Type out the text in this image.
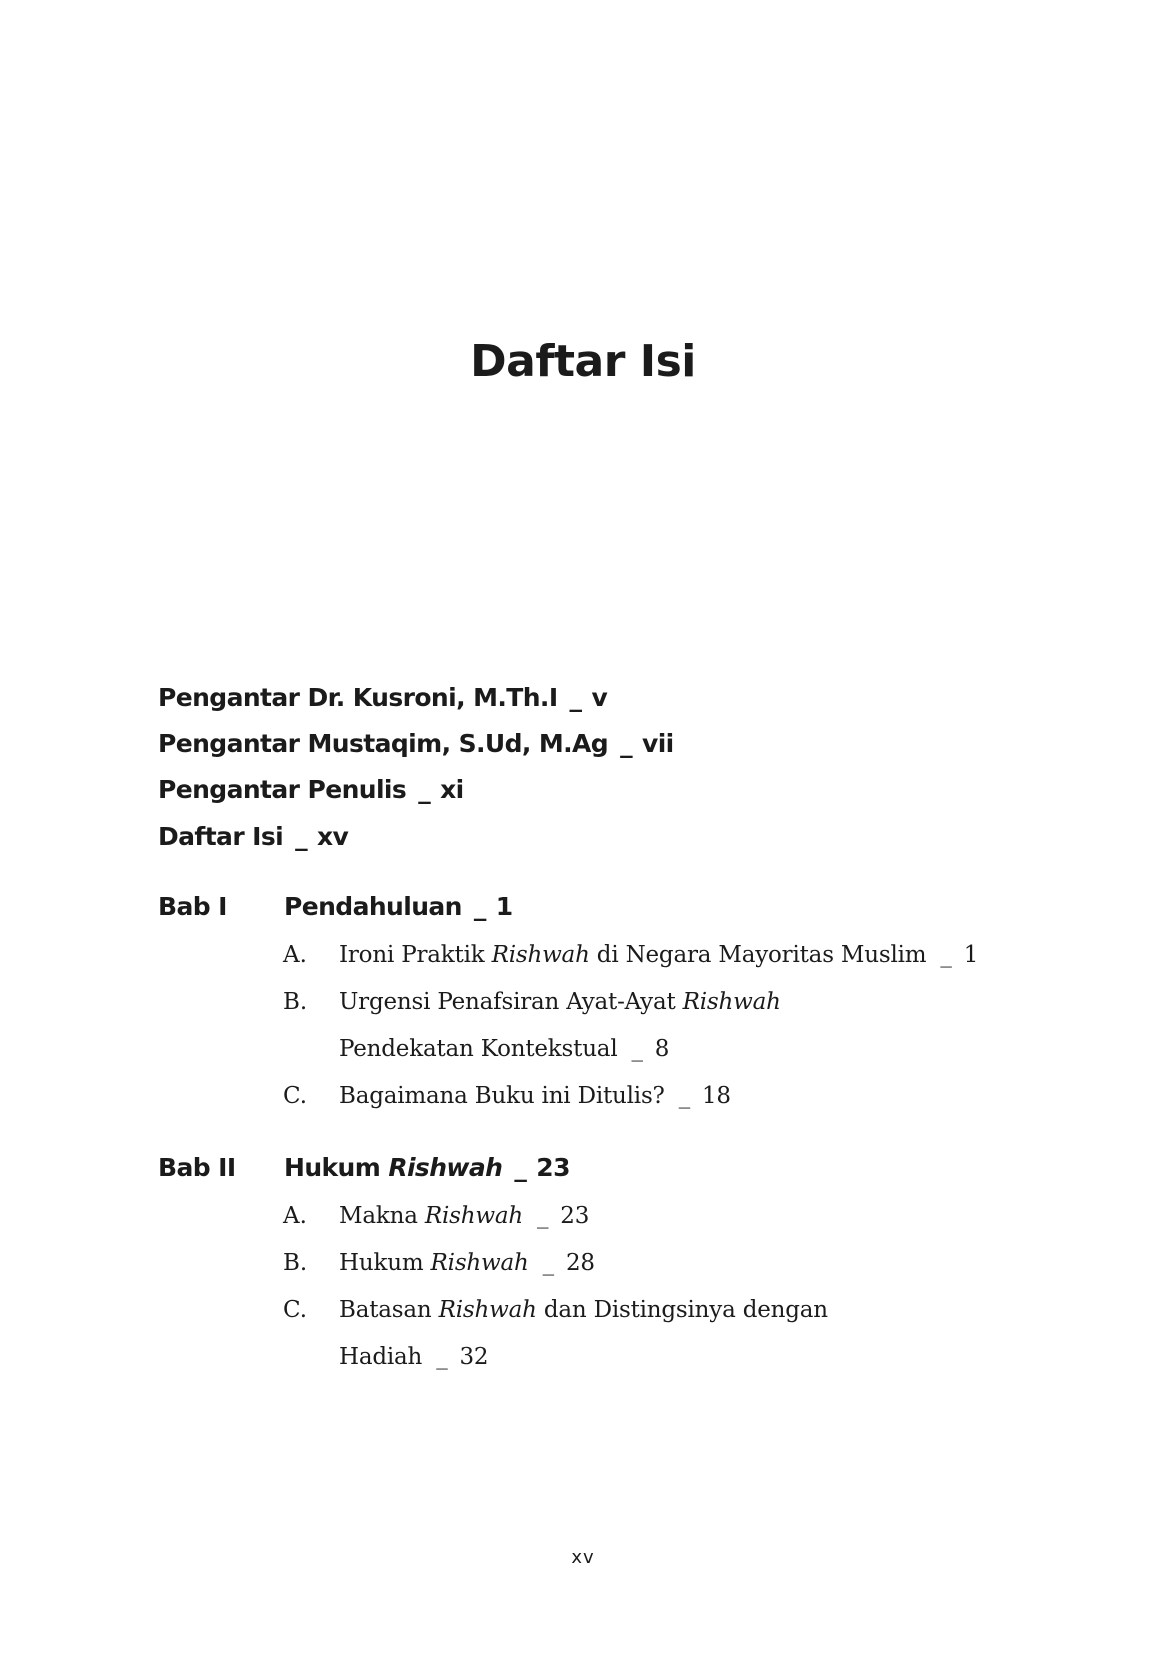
Daftar Isi
Pengantar Dr. Kusroni, M.Th.I _ v
Pengantar Mustaqim, S.Ud, M.Ag _ vii
Pengantar Penulis _ xi
Daftar Isi _ xv
Bab I Pendahuluan _ 1
A. Ironi Praktik Rishwah di Negara Mayoritas Muslim _ 1
B. Urgensi Penafsiran Ayat-Ayat Rishwah
Pendekatan Kontekstual _ 8
C. Bagaimana Buku ini Ditulis? _ 18
Bab II Hukum Rishwah _ 23
A. Makna Rishwah _ 23
B. Hukum Rishwah _ 28
C. Batasan Rishwah dan Distingsinya dengan
Hadiah _ 32
xv
